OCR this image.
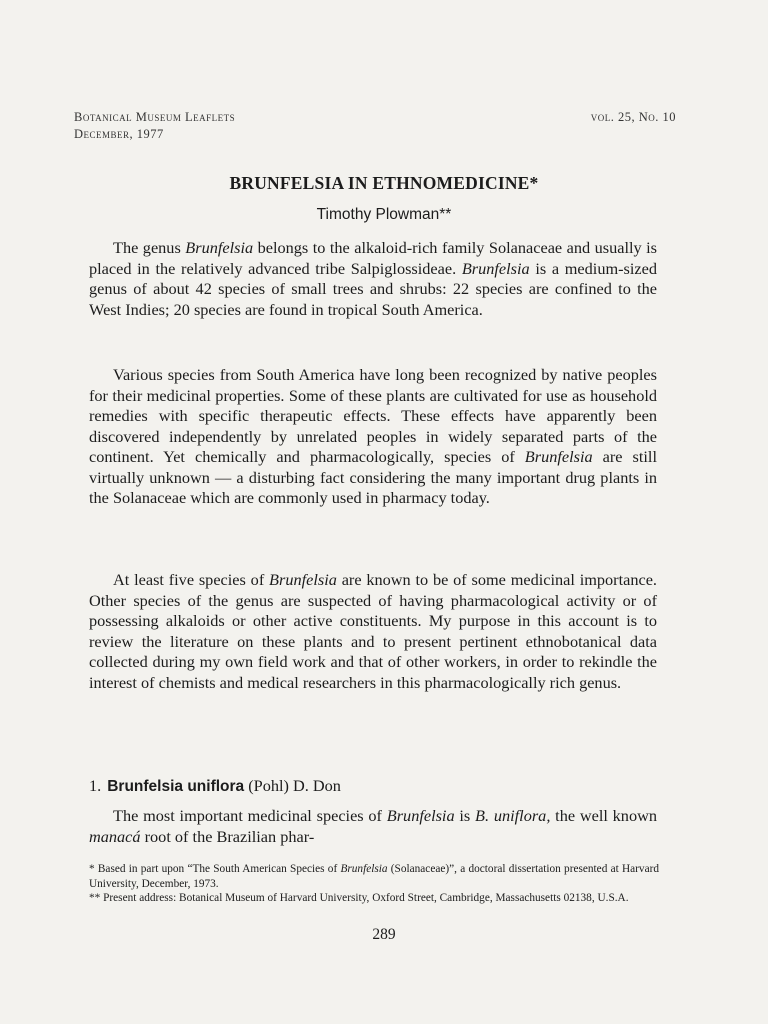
Botanical Museum Leaflets
December, 1977
vol. 25, No. 10
BRUNFELSIA IN ETHNOMEDICINE*
Timothy Plowman**

The genus Brunfelsia belongs to the alkaloid-rich family Solanaceae and usually is placed in the relatively advanced tribe Salpiglossideae. Brunfelsia is a medium-sized genus of about 42 species of small trees and shrubs: 22 species are confined to the West Indies; 20 species are found in tropical South America.

Various species from South America have long been recognized by native peoples for their medicinal properties. Some of these plants are cultivated for use as household remedies with specific therapeutic effects. These effects have apparently been discovered independently by unrelated peoples in widely separated parts of the continent. Yet chemically and pharmacologically, species of Brunfelsia are still virtually unknown — a disturbing fact considering the many important drug plants in the Solanaceae which are commonly used in pharmacy today.

At least five species of Brunfelsia are known to be of some medicinal importance. Other species of the genus are suspected of having pharmacological activity or of possessing alkaloids or other active constituents. My purpose in this account is to review the literature on these plants and to present pertinent ethnobotanical data collected during my own field work and that of other workers, in order to rekindle the interest of chemists and medical researchers in this pharmacologically rich genus.

1. Brunfelsia uniflora (Pohl) D. Don

The most important medicinal species of Brunfelsia is B. uniflora, the well known manacá root of the Brazilian phar-

* Based in part upon “The South American Species of Brunfelsia (Solanaceae)”, a doctoral dissertation presented at Harvard University, December, 1973.

** Present address: Botanical Museum of Harvard University, Oxford Street, Cambridge, Massachusetts 02138, U.S.A.

289
